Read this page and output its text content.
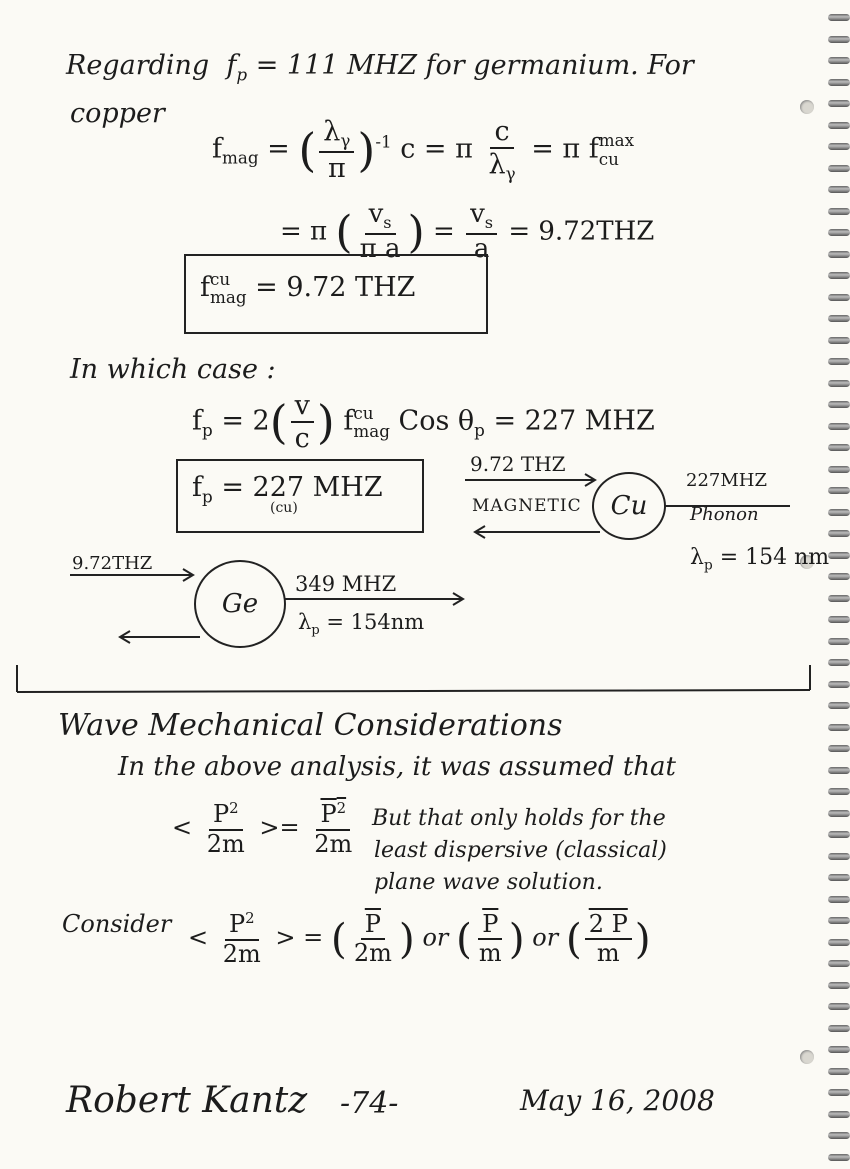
Regarding $f_p = 111$ MHZ for germanium. For
copper
$f_{mag}$ = ( $\frac{\lambda_\gamma}{\pi} )^{-1}$ c = π $\frac{c}{\lambda_\gamma} = \pi$ f max
cu
= π ( $\frac{v_s}{\text{π a}}$ ) = $\frac{v_s}{a} = 9.72THZ$
f cu
mag = 9.72 THZ
In which case :
$f_p = 2( \frac{v}{c}$ ) f cu
mag Cos $\theta_p = 227$ MHZ
$f_p = 227$ MHZ
(cu)
9.72 THZ
MAGNETIC	Cu
227MHZ
Phonon
$\lambda_p = 154$ nm
9.72THZ
Ge
349 MHZ
$\lambda_p = 154nm$
Wave Mechanical Considerations
In the above analysis, it was assumed that
< $\frac{P^2}{2m} >= \frac{P^2}{2m}$ But that only holds for the
least dispersive (classical)
plane wave solution.
Consider < $\frac{P^2}{2m}$ > = ( $\frac{\overline{P}}{2m}$ ) or ( $\frac{\overline{P}}{m}$ ) or ( $\frac{2 P}{m}$ )
Robert Kantz -74-	May 16, 2008
